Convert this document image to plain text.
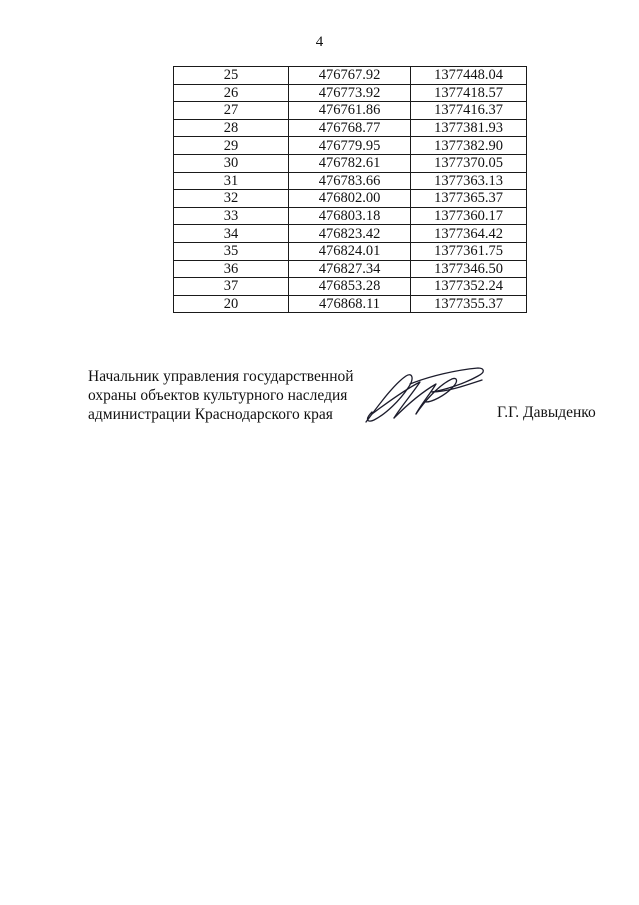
4
25	476767.92	1377448.04
26	476773.92	1377418.57
27	476761.86	1377416.37
28	476768.77	1377381.93
29	476779.95	1377382.90
30	476782.61	1377370.05
31	476783.66	1377363.13
32	476802.00	1377365.37
33	476803.18	1377360.17
34	476823.42	1377364.42
35	476824.01	1377361.75
36	476827.34	1377346.50
37	476853.28	1377352.24
20	476868.11	1377355.37
Начальник управления государственной
охраны объектов культурного наследия
администрации Краснодарского края	Г.Г. Давыденко
